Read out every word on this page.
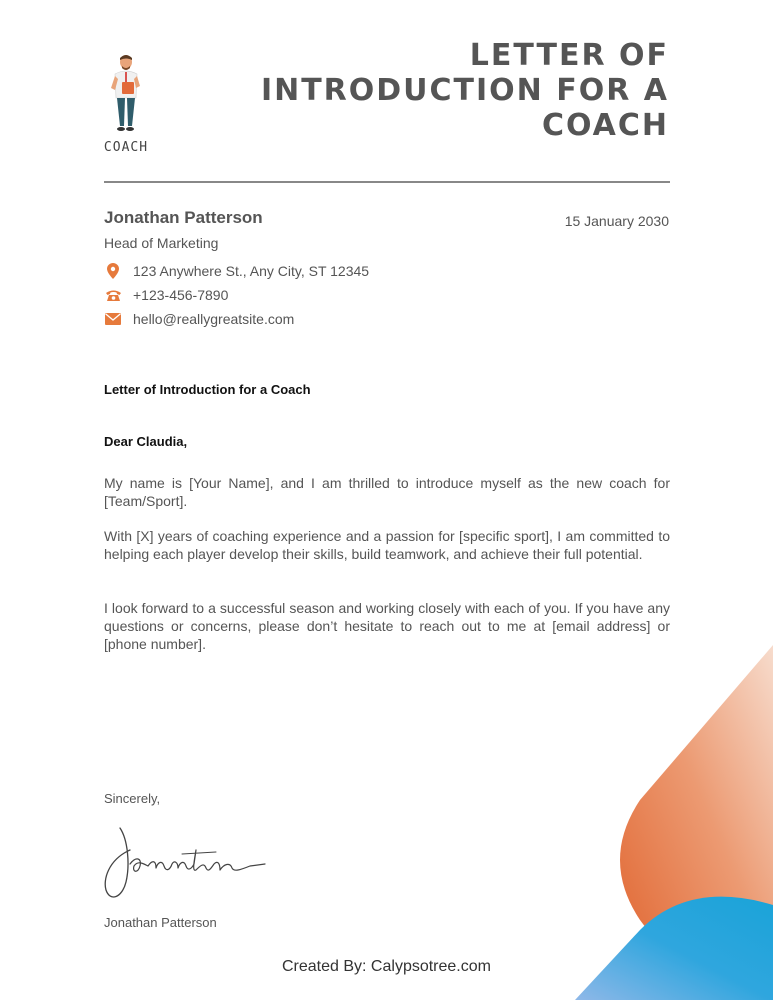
COACH
LETTER OF
INTRODUCTION FOR A
COACH
Jonathan Patterson
Head of Marketing
15 January 2030
123 Anywhere St., Any City, ST 12345
+123-456-7890
hello@reallygreatsite.com
Letter of Introduction for a Coach
Dear Claudia,

My name is [Your Name], and I am thrilled to introduce myself as the new coach for [Team/Sport].

With [X] years of coaching experience and a passion for [specific sport], I am committed to helping each player develop their skills, build teamwork, and achieve their full potential.

I look forward to a successful season and working closely with each of you. If you have any questions or concerns, please don’t hesitate to reach out to me at [email address] or [phone number].

Sincerely,
Jonathan Patterson
Created By: Calypsotree.com
